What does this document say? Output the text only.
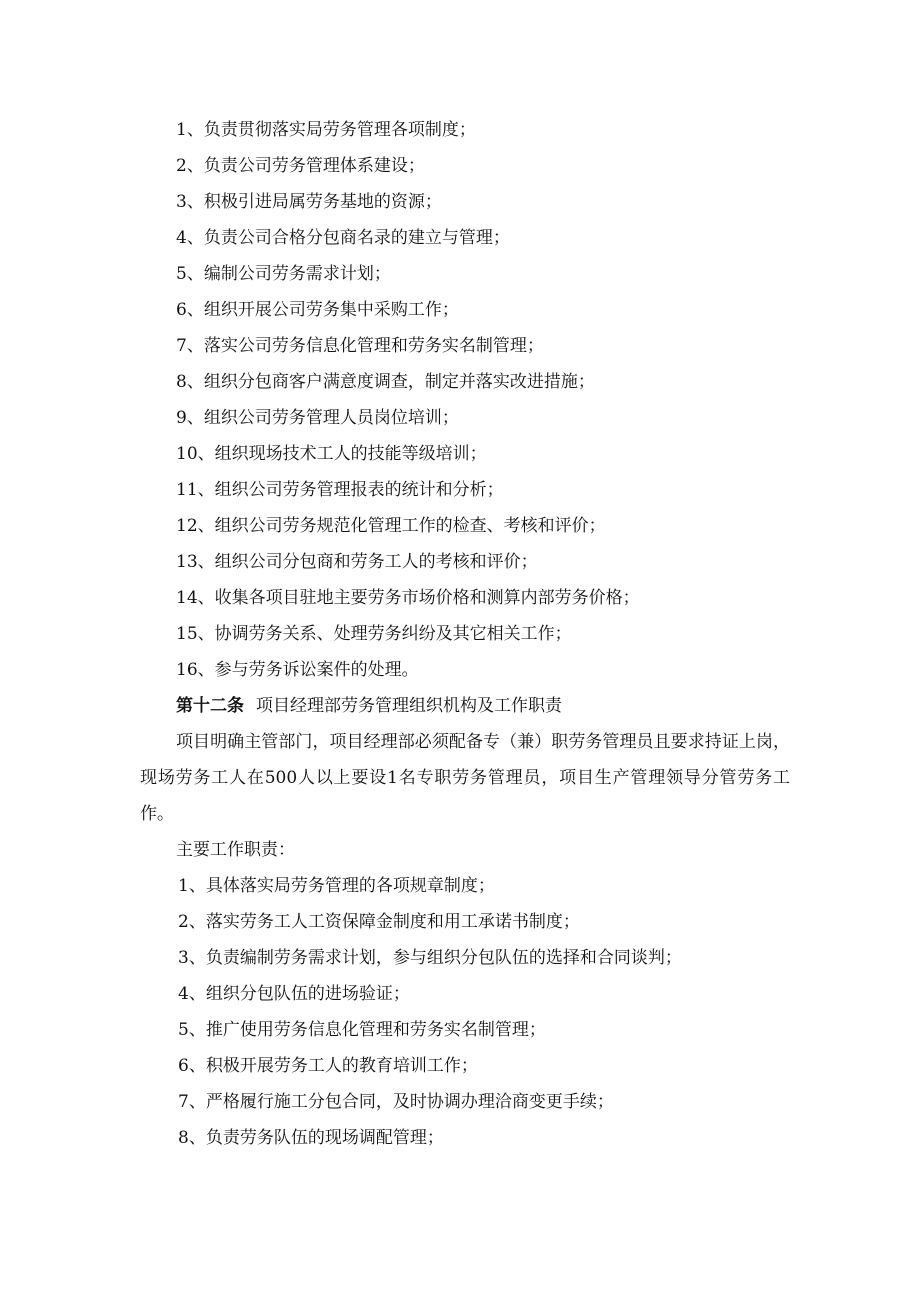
1、负责贯彻落实局劳务管理各项制度；
2、负责公司劳务管理体系建设；
3、积极引进局属劳务基地的资源；
4、负责公司合格分包商名录的建立与管理；
5、编制公司劳务需求计划；
6、组织开展公司劳务集中采购工作；
7、落实公司劳务信息化管理和劳务实名制管理；
8、组织分包商客户满意度调查，制定并落实改进措施；
9、组织公司劳务管理人员岗位培训；
10、组织现场技术工人的技能等级培训；
11、组织公司劳务管理报表的统计和分析；
12、组织公司劳务规范化管理工作的检查、考核和评价；
13、组织公司分包商和劳务工人的考核和评价；
14、收集各项目驻地主要劳务市场价格和测算内部劳务价格；
15、协调劳务关系、处理劳务纠纷及其它相关工作；
16、参与劳务诉讼案件的处理。
第十二条 项目经理部劳务管理组织机构及工作职责

项目明确主管部门，项目经理部必须配备专（兼）职劳务管理员且要求持证上岗，现场劳务工人在500人以上要设1名专职劳务管理员，项目生产管理领导分管劳务工作。

主要工作职责：
1、具体落实局劳务管理的各项规章制度；
2、落实劳务工人工资保障金制度和用工承诺书制度；
3、负责编制劳务需求计划，参与组织分包队伍的选择和合同谈判；
4、组织分包队伍的进场验证；
5、推广使用劳务信息化管理和劳务实名制管理；
6、积极开展劳务工人的教育培训工作；
7、严格履行施工分包合同，及时协调办理洽商变更手续；
8、负责劳务队伍的现场调配管理；
